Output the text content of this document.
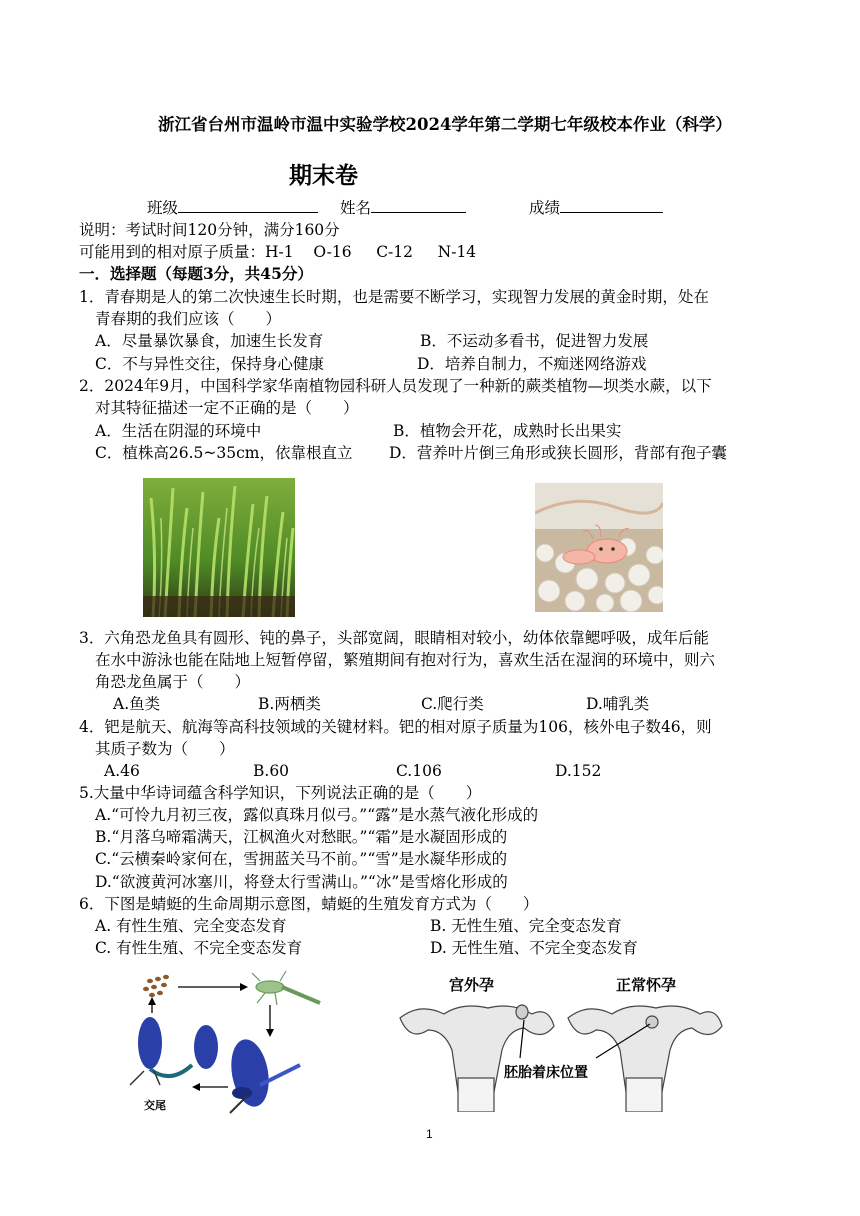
浙江省台州市温岭市温中实验学校2024学年第二学期七年级校本作业（科学）
期末卷
班级	姓名	成绩
说明：考试时间120分钟，满分160分
可能用到的相对原子质量：H-1    O-16     C-12     N-14
一．选择题（每题3分，共45分）
1．青春期是人的第二次快速生长时期，也是需要不断学习，实现智力发展的黄金时期，处在
青春期的我们应该（　　）
A．尽量暴饮暴食，加速生长发育	B．不运动多看书，促进智力发展
C．不与异性交往，保持身心健康	D．培养自制力，不痴迷网络游戏
2．2024年9月，中国科学家华南植物园科研人员发现了一种新的蕨类植物—坝类水蕨，以下
对其特征描述一定不正确的是（　　）
A．生活在阴湿的环境中	B．植物会开花，成熟时长出果实
C．植株高26.5~35cm，依靠根直立 D．营养叶片倒三角形或狭长圆形，背部有孢子囊
3．六角恐龙鱼具有圆形、钝的鼻子，头部宽阔，眼睛相对较小，幼体依靠鳃呼吸，成年后能
在水中游泳也能在陆地上短暂停留，繁殖期间有抱对行为，喜欢生活在湿润的环境中，则六
角恐龙鱼属于（　　）
A.鱼类	B.两栖类	C.爬行类	D.哺乳类
4．钯是航天、航海等高科技领域的关键材料。钯的相对原子质量为106，核外电子数46，则
其质子数为（　　）
A.46	B.60	C.106	D.152
5.大量中华诗词蕴含科学知识，下列说法正确的是（　　）
A.“可怜九月初三夜，露似真珠月似弓。”“露”是水蒸气液化形成的
B.“月落乌啼霜满天，江枫渔火对愁眠。”“霜”是水凝固形成的
C.“云横秦岭家何在，雪拥蓝关马不前。”“雪”是水凝华形成的
D.“欲渡黄河冰塞川，将登太行雪满山。”“冰”是雪熔化形成的
6．下图是蜻蜓的生命周期示意图，蜻蜓的生殖发育方式为（　　）
A. 有性生殖、完全变态发育	B. 无性生殖、完全变态发育
C. 有性生殖、不完全变态发育	D. 无性生殖、不完全变态发育
交尾
宫外孕	正常怀孕
胚胎着床位置
1
